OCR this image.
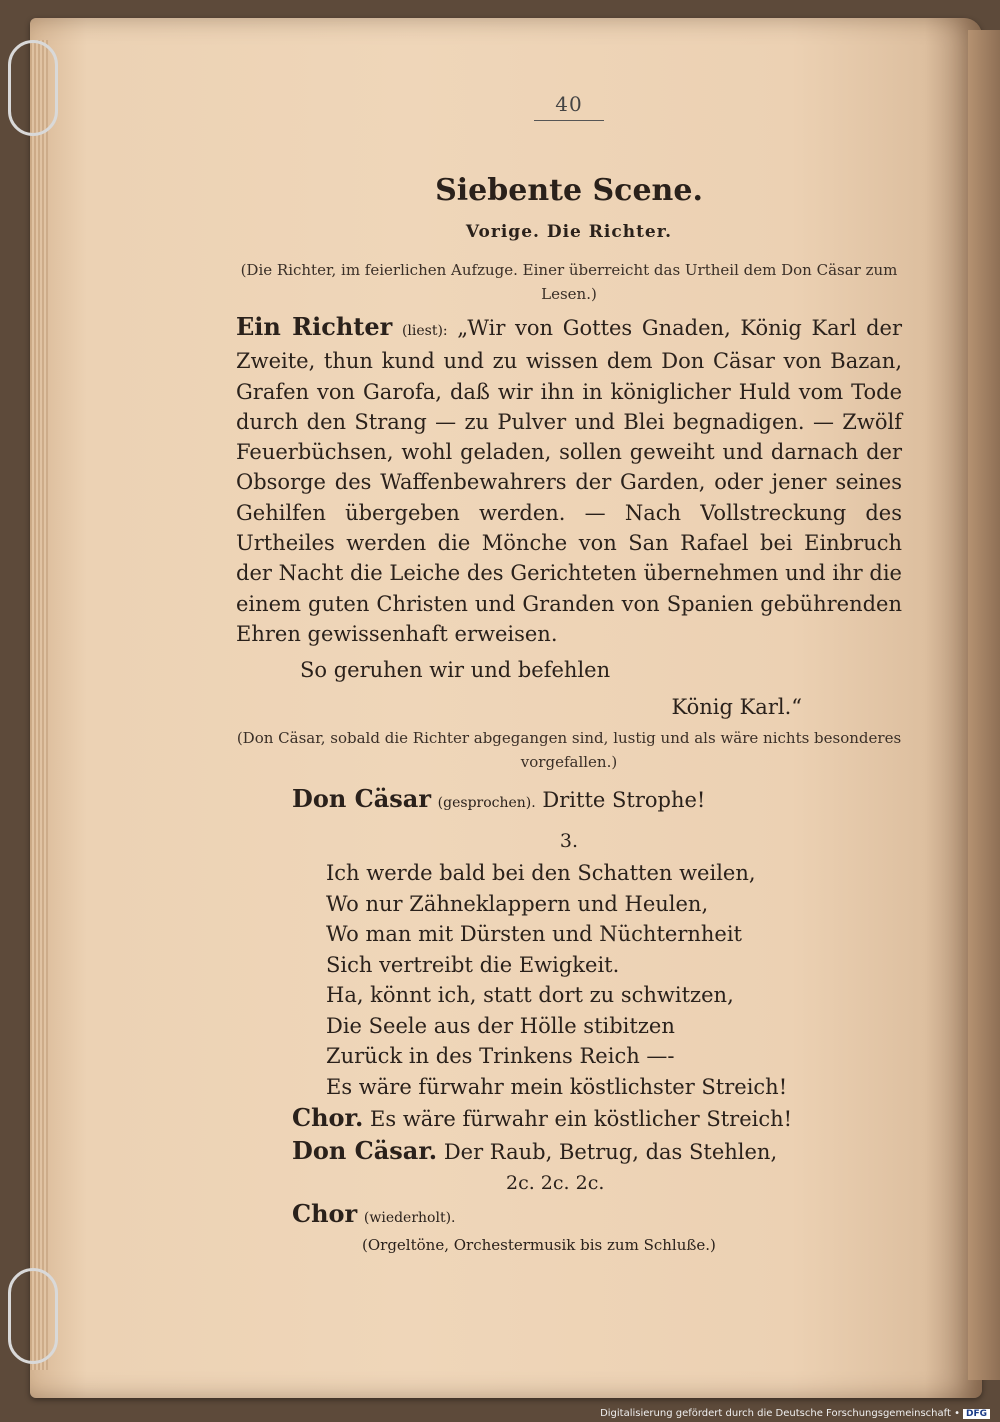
40
Siebente Scene.
Vorige. Die Richter.
(Die Richter, im feierlichen Aufzuge. Einer überreicht das Urtheil dem Don Cäsar zum Lesen.)
Ein Richter (liest): „Wir von Gottes Gnaden, König Karl der Zweite, thun kund und zu wissen dem Don Cäsar von Bazan, Grafen von Garofa, daß wir ihn in königlicher Huld vom Tode durch den Strang — zu Pulver und Blei begnadigen. — Zwölf Feuerbüchsen, wohl geladen, sollen geweiht und darnach der Obsorge des Waffenbewahrers der Garden, oder jener seines Gehilfen übergeben werden. — Nach Vollstreckung des Urtheiles werden die Mönche von San Rafael bei Einbruch der Nacht die Leiche des Gerichteten übernehmen und ihr die einem guten Christen und Granden von Spanien gebührenden Ehren gewissenhaft erweisen.
So geruhen wir und befehlen
König Karl.“
(Don Cäsar, sobald die Richter abgegangen sind, lustig und als wäre nichts besonderes vorgefallen.)
Don Cäsar (gesprochen). Dritte Strophe!
3.
Ich werde bald bei den Schatten weilen,
Wo nur Zähneklappern und Heulen,
Wo man mit Dürsten und Nüchternheit
Sich vertreibt die Ewigkeit.
Ha, könnt ich, statt dort zu schwitzen,
Die Seele aus der Hölle stibitzen
Zurück in des Trinkens Reich —-
Es wäre fürwahr mein köstlichster Streich!
Chor. Es wäre fürwahr ein köstlicher Streich!
Don Cäsar. Der Raub, Betrug, das Stehlen,
2c. 2c. 2c.
Chor (wiederholt).
(Orgeltöne, Orchestermusik bis zum Schluße.)
Digitalisierung gefördert durch die Deutsche Forschungsgemeinschaft • DFG
